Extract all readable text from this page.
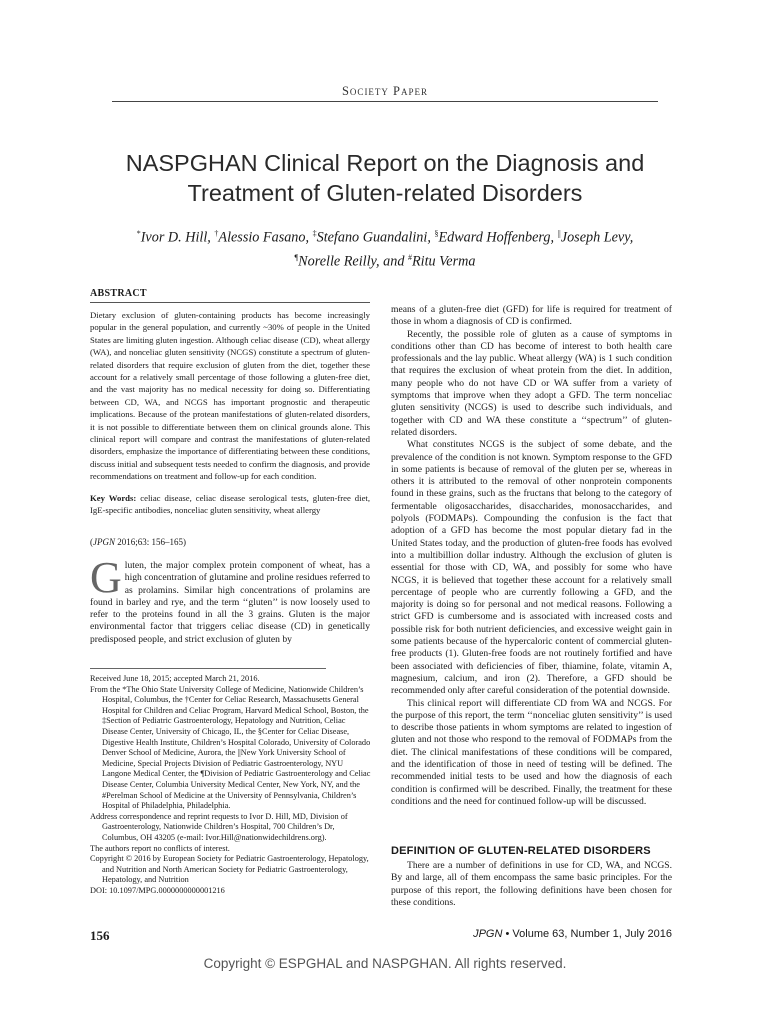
Society Paper
NASPGHAN Clinical Report on the Diagnosis and Treatment of Gluten-related Disorders
*Ivor D. Hill, †Alessio Fasano, ‡Stefano Guandalini, §Edward Hoffenberg, ||Joseph Levy,
¶Norelle Reilly, and #Ritu Verma
ABSTRACT
Dietary exclusion of gluten-containing products has become increasingly popular in the general population, and currently ~30% of people in the United States are limiting gluten ingestion. Although celiac disease (CD), wheat allergy (WA), and nonceliac gluten sensitivity (NCGS) constitute a spectrum of gluten-related disorders that require exclusion of gluten from the diet, together these account for a relatively small percentage of those following a gluten-free diet, and the vast majority has no medical necessity for doing so. Differentiating between CD, WA, and NCGS has important prognostic and therapeutic implications. Because of the protean manifestations of gluten-related disorders, it is not possible to differentiate between them on clinical grounds alone. This clinical report will compare and contrast the manifestations of gluten-related disorders, emphasize the importance of differentiating between these conditions, discuss initial and subsequent tests needed to confirm the diagnosis, and provide recommendations on treatment and follow-up for each condition.
Key Words: celiac disease, celiac disease serological tests, gluten-free diet, IgE-specific antibodies, nonceliac gluten sensitivity, wheat allergy
(JPGN 2016;63: 156–165)
Gluten, the major complex protein component of wheat, has a high concentration of glutamine and proline residues referred to as prolamins. Similar high concentrations of prolamins are found in barley and rye, and the term ‘‘gluten’’ is now loosely used to refer to the proteins found in all the 3 grains. Gluten is the major environmental factor that triggers celiac disease (CD) in genetically predisposed people, and strict exclusion of gluten by

Received June 18, 2015; accepted March 21, 2016.

From the *The Ohio State University College of Medicine, Nationwide Children’s Hospital, Columbus, the †Center for Celiac Research, Massachusetts General Hospital for Children and Celiac Program, Harvard Medical School, Boston, the ‡Section of Pediatric Gastroenterology, Hepatology and Nutrition, Celiac Disease Center, University of Chicago, IL, the §Center for Celiac Disease, Digestive Health Institute, Children’s Hospital Colorado, University of Colorado Denver School of Medicine, Aurora, the ||New York University School of Medicine, Special Projects Division of Pediatric Gastroenterology, NYU Langone Medical Center, the ¶Division of Pediatric Gastroenterology and Celiac Disease Center, Columbia University Medical Center, New York, NY, and the #Perelman School of Medicine at the University of Pennsylvania, Children’s Hospital of Philadelphia, Philadelphia.

Address correspondence and reprint requests to Ivor D. Hill, MD, Division of Gastroenterology, Nationwide Children’s Hospital, 700 Children’s Dr, Columbus, OH 43205 (e-mail: Ivor.Hill@nationwidechildrens.org).

The authors report no conflicts of interest.

Copyright © 2016 by European Society for Pediatric Gastroenterology, Hepatology, and Nutrition and North American Society for Pediatric Gastroenterology, Hepatology, and Nutrition

DOI: 10.1097/MPG.0000000000001216

means of a gluten-free diet (GFD) for life is required for treatment of those in whom a diagnosis of CD is confirmed.

Recently, the possible role of gluten as a cause of symptoms in conditions other than CD has become of interest to both health care professionals and the lay public. Wheat allergy (WA) is 1 such condition that requires the exclusion of wheat protein from the diet. In addition, many people who do not have CD or WA suffer from a variety of symptoms that improve when they adopt a GFD. The term nonceliac gluten sensitivity (NCGS) is used to describe such individuals, and together with CD and WA these constitute a ‘‘spectrum’’ of gluten-related disorders.

What constitutes NCGS is the subject of some debate, and the prevalence of the condition is not known. Symptom response to the GFD in some patients is because of removal of the gluten per se, whereas in others it is attributed to the removal of other nonprotein components found in these grains, such as the fructans that belong to the category of fermentable oligosaccharides, disaccharides, monosaccharides, and polyols (FODMAPs). Compounding the confusion is the fact that adoption of a GFD has become the most popular dietary fad in the United States today, and the production of gluten-free foods has evolved into a multibillion dollar industry. Although the exclusion of gluten is essential for those with CD, WA, and possibly for some who have NCGS, it is believed that together these account for a relatively small percentage of people who are currently following a GFD, and the majority is doing so for personal and not medical reasons. Following a strict GFD is cumbersome and is associated with increased costs and possible risk for both nutrient deficiencies, and excessive weight gain in some patients because of the hypercaloric content of commercial gluten-free products (1). Gluten-free foods are not routinely fortified and have been associated with deficiencies of fiber, thiamine, folate, vitamin A, magnesium, calcium, and iron (2). Therefore, a GFD should be recommended only after careful consideration of the potential downside.

This clinical report will differentiate CD from WA and NCGS. For the purpose of this report, the term ‘‘nonceliac gluten sensitivity’’ is used to describe those patients in whom symptoms are related to ingestion of gluten and not those who respond to the removal of FODMAPs from the diet. The clinical manifestations of these conditions will be compared, and the identification of those in need of testing will be defined. The recommended initial tests to be used and how the diagnosis of each condition is confirmed will be described. Finally, the treatment for these conditions and the need for continued follow-up will be discussed.

DEFINITION OF GLUTEN-RELATED DISORDERS
There are a number of definitions in use for CD, WA, and NCGS. By and large, all of them encompass the same basic principles. For the purpose of this report, the following definitions have been chosen for these conditions.
156	JPGN • Volume 63, Number 1, July 2016
Copyright © ESPGHAL and NASPGHAN. All rights reserved.
